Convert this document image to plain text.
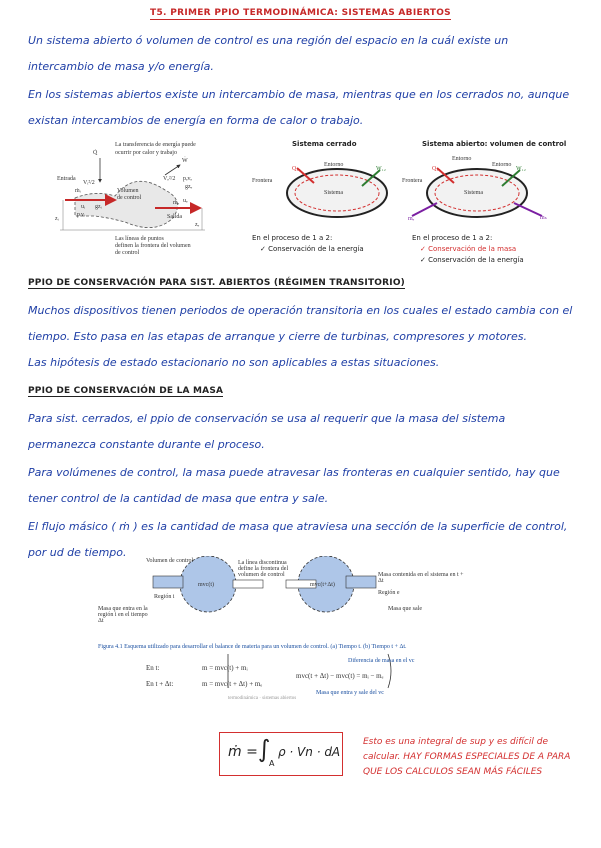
T5. PRIMER PPIO TERMODINÁMICA: SISTEMAS ABIERTOS
Un sistema abierto ó volumen de control es una región del espacio en la cuál existe un intercambio de masa y/o energía.
En los sistemas abiertos existe un intercambio de masa, mientras que en los cerrados no, aunque existan intercambios de energía en forma de calor o trabajo.
La transferencia de energía puede
ocurrir por calor y trabajo
Volumen
de control
Entrada
Salida
Las líneas de puntos
definen la frontera del volumen
de control
Q̇
Ẇ
ṁᵢ
ṁₑ
Vᵢ²/2
Vₑ²/2
gzᵢ
gzₑ
zᵢ
zₑ
uᵢ
pᵢvᵢ
uₑ
pₑvₑ
Sistema cerrado	Sistema abierto: volumen de control
Frontera
Entorno
Sistema
Entorno
Frontera
Entorno
Sistema
Q₁₂	W₁₂	W₁₂
Q₁₂
mₑ	mₛ
En el proceso de 1 a 2:
✓ Conservación de la energía
En el proceso de 1 a 2:
✓ Conservación de la masa
✓ Conservación de la energía
PPIO DE CONSERVACIÓN PARA SIST. ABIERTOS (RÉGIMEN TRANSITORIO)
Muchos dispositivos tienen periodos de operación transitoria en los cuales el estado cambia con el tiempo. Esto pasa en las etapas de arranque y cierre de turbinas, compresores y motores.
Las hipótesis de estado estacionario no son aplicables a estas situaciones.
PPIO DE CONSERVACIÓN DE LA MASA
Para sist. cerrados, el ppio de conservación se usa al requerir que la masa del sistema permanezca constante durante el proceso.
Para volúmenes de control, la masa puede atravesar las fronteras en cualquier sentido, hay que tener control de la cantidad de masa que entra y sale.
El flujo másico ( ṁ ) es la cantidad de masa que atraviesa una sección de la superficie de control, por ud de tiempo.
Volumen de control
Región i
Masa que entra en la región i en el tiempo Δt
La línea discontinua define la frontera del volumen de control
mvc(t)
Masa que sale
Masa contenida en el sistema en t + Δt
mvc(t+Δt)
Región e
Figura 4.1 Esquema utilizado para desarrollar el balance de materia para un volumen de control. (a) Tiempo t. (b) Tiempo t + Δt.
En t:	m = mvc(t) + mᵢ
En t + Δt:	m = mvc(t + Δt) + mₑ
mvc(t + Δt) − mvc(t) = mᵢ − mₑ
Diferencia de masa en el vc
Masa que entra y sale del vc
termodinámica · sistemas abiertos
ṁ = ∫
A
ρ · Vn · dA
Esto es una integral de sup y es difícil de calcular. HAY FORMAS ESPECIALES DE A PARA QUE LOS CALCULOS SEAN MÁS FÁCILES
